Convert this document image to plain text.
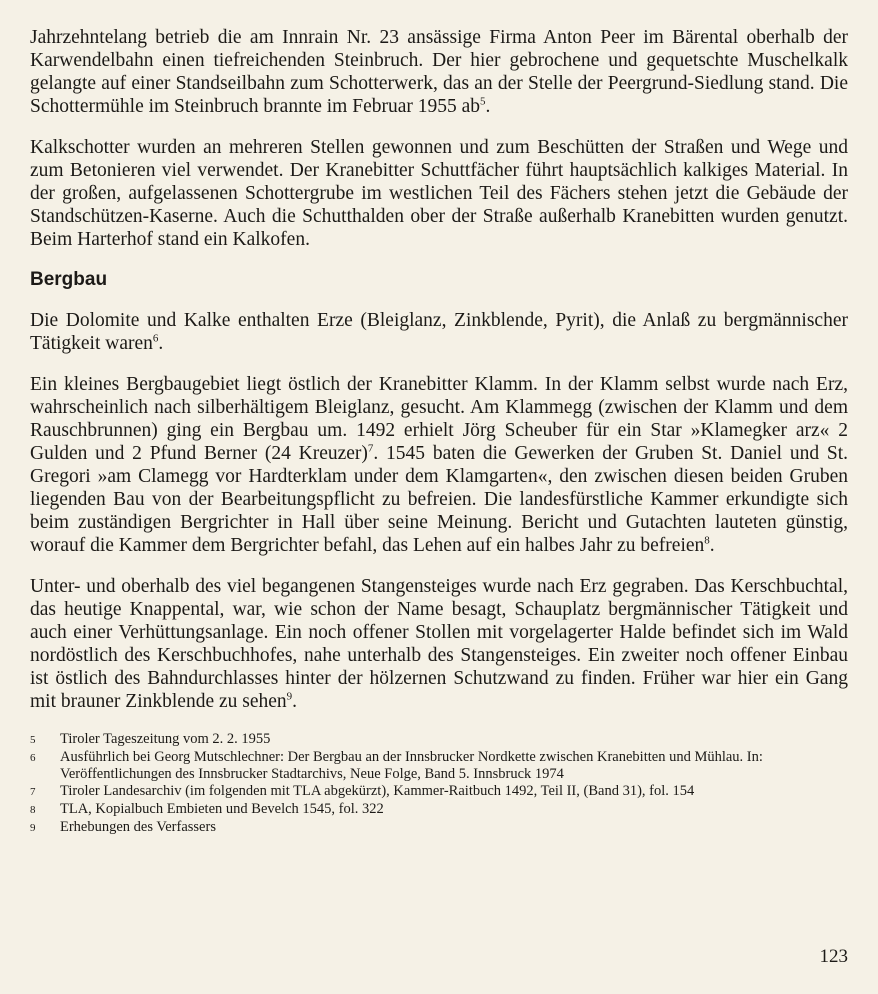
Jahrzehntelang betrieb die am Innrain Nr. 23 ansässige Firma Anton Peer im Bärental oberhalb der Karwendelbahn einen tiefreichenden Steinbruch. Der hier gebrochene und gequetschte Muschelkalk gelangte auf einer Standseilbahn zum Schotterwerk, das an der Stelle der Peergrund-Siedlung stand. Die Schottermühle im Steinbruch brannte im Februar 1955 $ab^5$.

Kalkschotter wurden an mehreren Stellen gewonnen und zum Beschütten der Straßen und Wege und zum Betonieren viel verwendet. Der Kranebitter Schuttfächer führt hauptsächlich kalkiges Material. In der großen, aufgelassenen Schottergrube im westlichen Teil des Fächers stehen jetzt die Gebäude der Standschützen-Kaserne. Auch die Schutthalden ober der Straße außerhalb Kranebitten wurden genutzt. Beim Harterhof stand ein Kalkofen.

Bergbau

Die Dolomite und Kalke enthalten Erze (Bleiglanz, Zinkblende, Pyrit), die Anlaß zu bergmännischer Tätigkeit waren$^6$.

Ein kleines Bergbaugebiet liegt östlich der Kranebitter Klamm. In der Klamm selbst wurde nach Erz, wahrscheinlich nach silberhältigem Bleiglanz, gesucht. Am Klammegg (zwischen der Klamm und dem Rauschbrunnen) ging ein Bergbau um. 1492 erhielt Jörg Scheuber für ein Star »Klamegker arz« 2 Gulden und 2 Pfund Berner (24 Kreuzer)$^7$. 1545 baten die Gewerken der Gruben St. Daniel und St. Gregori »am Clamegg vor Hardterklam under dem Klamgarten«, den zwischen diesen beiden Gruben liegenden Bau von der Bearbeitungspflicht zu befreien. Die landesfürstliche Kammer erkundigte sich beim zuständigen Bergrichter in Hall über seine Meinung. Bericht und Gutachten lauteten günstig, worauf die Kammer dem Bergrichter befahl, das Lehen auf ein halbes Jahr zu befreien$^8$.

Unter- und oberhalb des viel begangenen Stangensteiges wurde nach Erz gegraben. Das Kerschbuchtal, das heutige Knappental, war, wie schon der Name besagt, Schauplatz bergmännischer Tätigkeit und auch einer Verhüttungsanlage. Ein noch offener Stollen mit vorgelagerter Halde befindet sich im Wald nordöstlich des Kerschbuchhofes, nahe unterhalb des Stangensteiges. Ein zweiter noch offener Einbau ist östlich des Bahndurchlasses hinter der hölzernen Schutzwand zu finden. Früher war hier ein Gang mit brauner Zinkblende zu sehen$^9$.

5	Tiroler Tageszeitung vom 2. 2. 1955
6	Ausführlich bei Georg Mutschlechner: Der Bergbau an der Innsbrucker Nordkette zwischen Kranebitten und Mühlau. In: Veröffentlichungen des Innsbrucker Stadtarchivs, Neue Folge, Band 5. Innsbruck 1974
7	Tiroler Landesarchiv (im folgenden mit TLA abgekürzt), Kammer-Raitbuch 1492, Teil II, (Band 31), fol. 154
8	TLA, Kopialbuch Embieten und Bevelch 1545, fol. 322
9	Erhebungen des Verfassers
123
